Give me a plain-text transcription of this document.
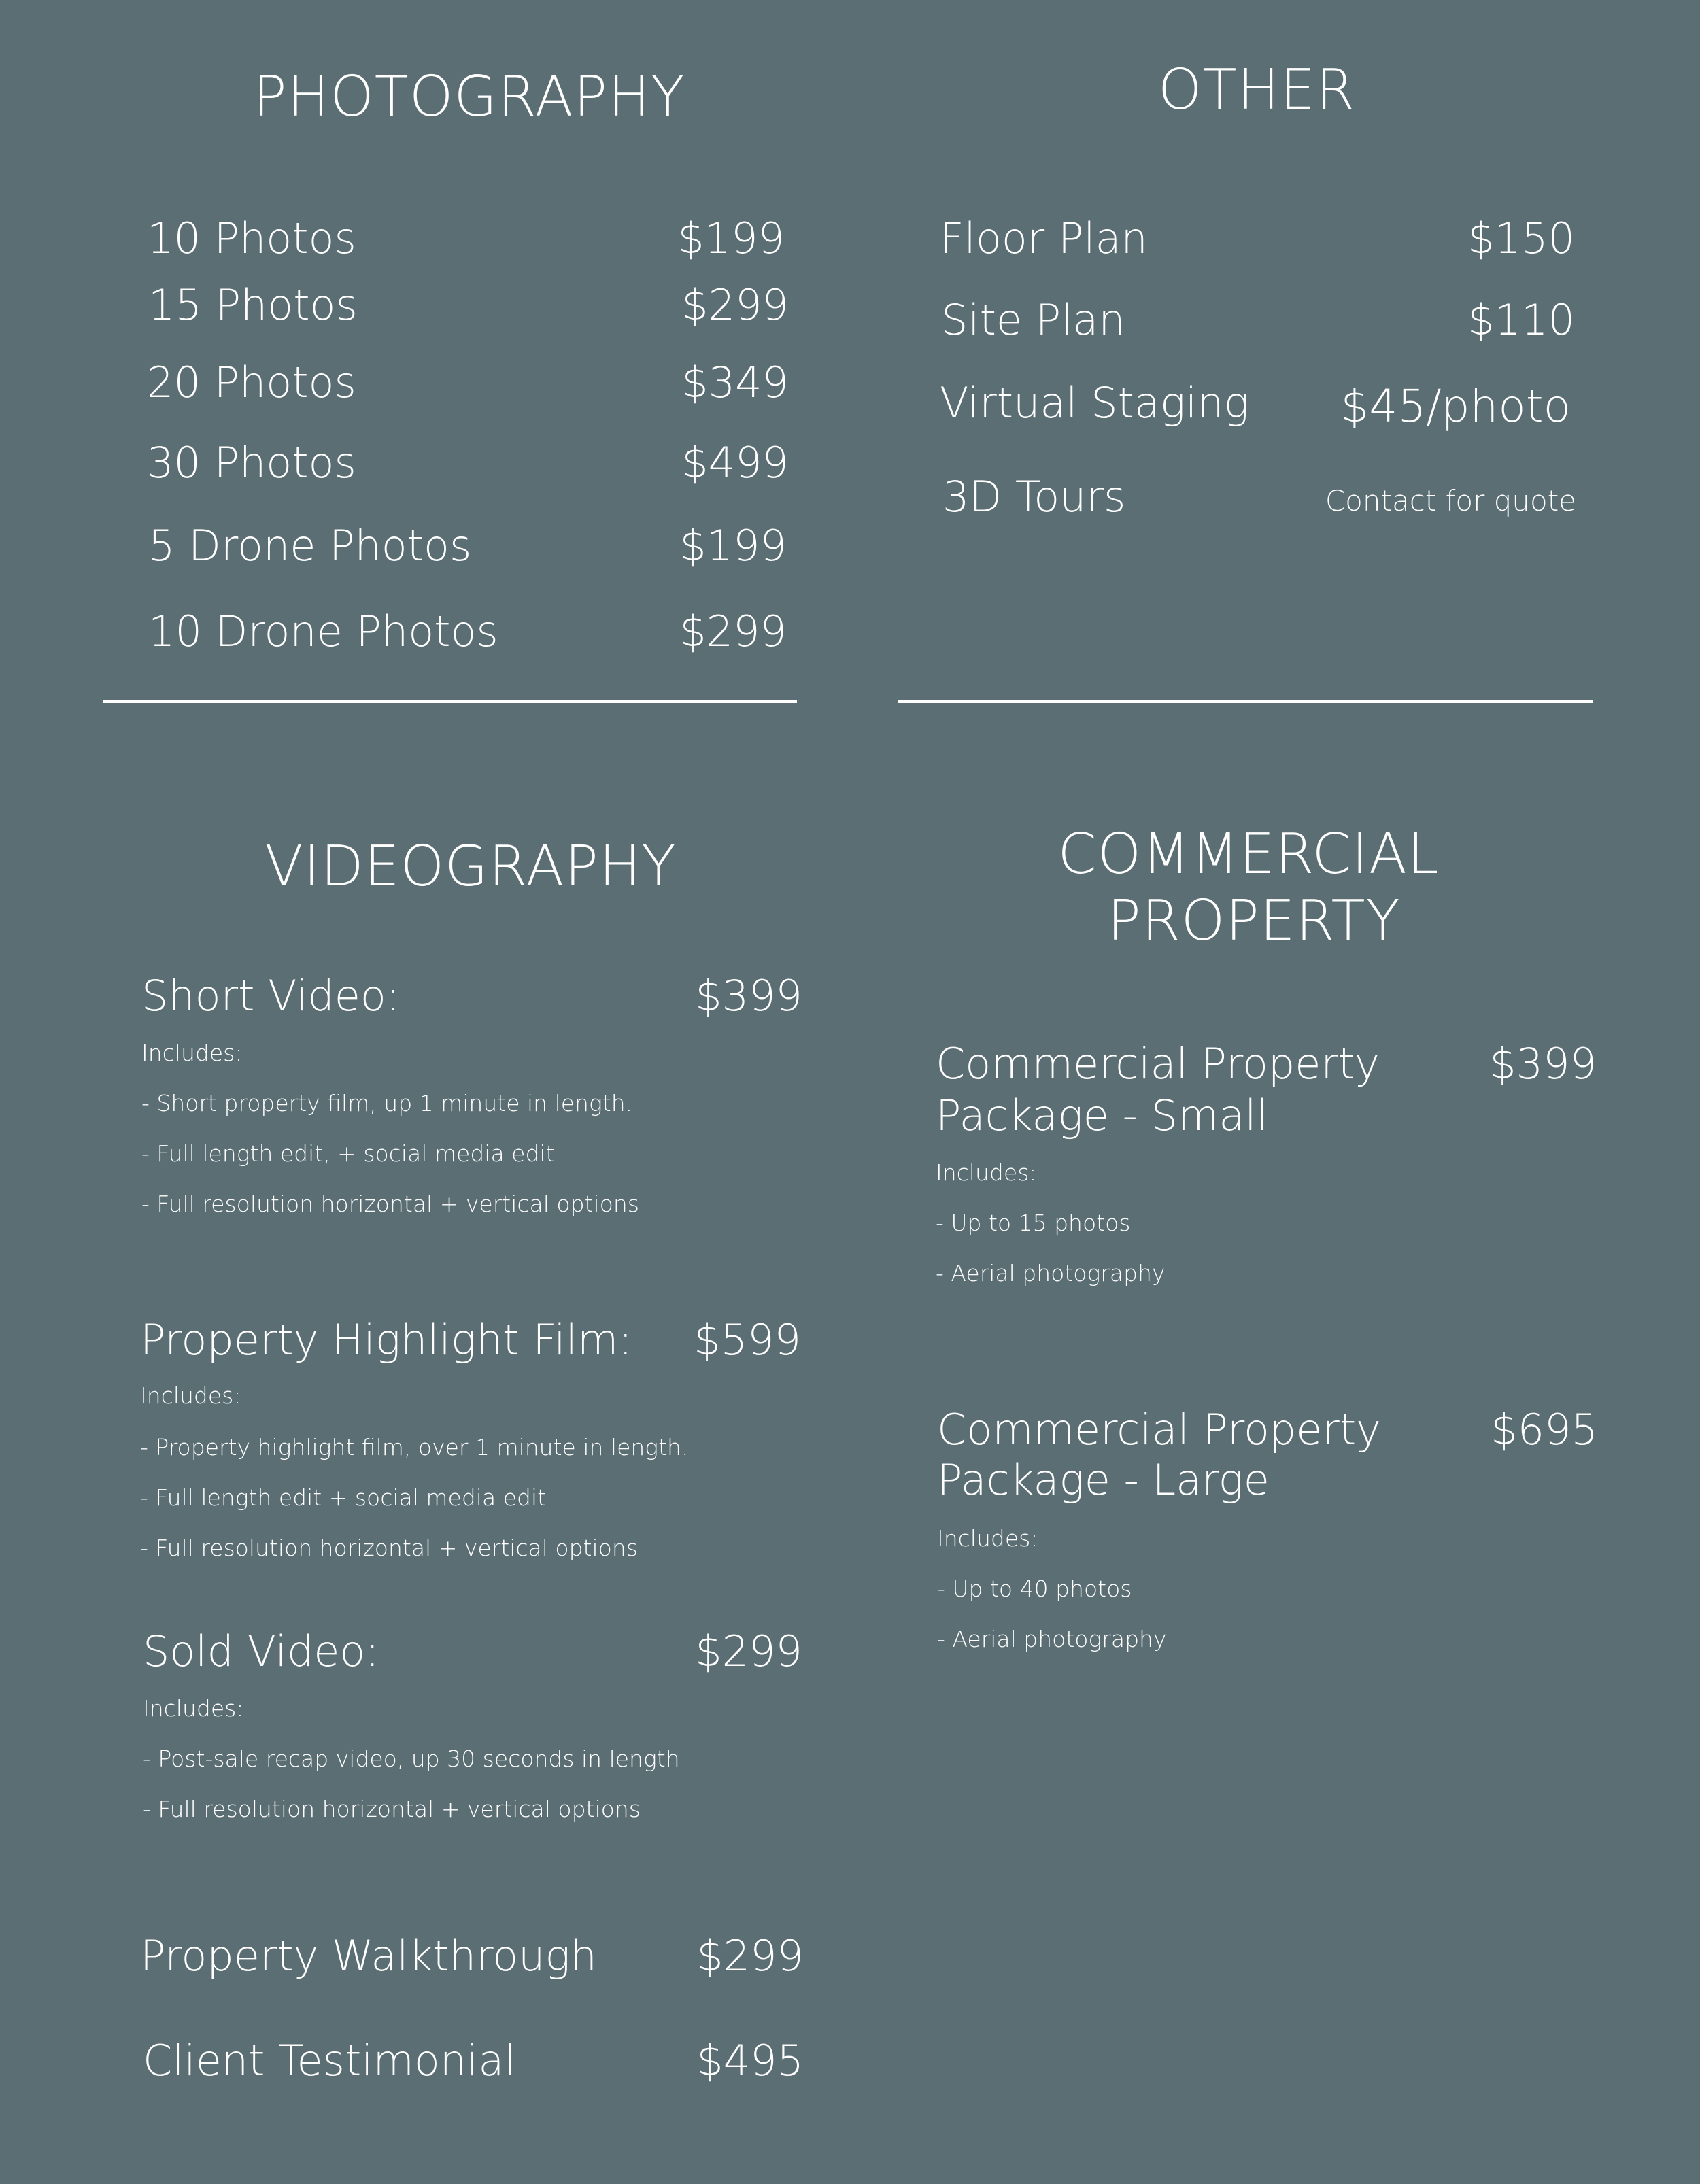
PHOTOGRAPHY
10 Photos	$199
15 Photos	$299
20 Photos	$349
30 Photos	$499
5 Drone Photos	$199
10 Drone Photos	$299
OTHER
Floor Plan	$150
Site Plan	$110
Virtual Staging $45/photo
3D Tours	Contact for quote
VIDEOGRAPHY
Short Video:	$399
Includes:
- Short property film, up 1 minute in length.
- Full length edit, + social media edit
- Full resolution horizontal + vertical options
Property Highlight Film: $599
Includes:
- Property highlight film, over 1 minute in length.
- Full length edit + social media edit
- Full resolution horizontal + vertical options
Sold Video:	$299
Includes:
- Post-sale recap video, up 30 seconds in length
- Full resolution horizontal + vertical options
Property Walkthrough $299
Client Testimonial	$495
COMMERCIAL
PROPERTY
Commercial Property
Package - Small
$399
Includes:
- Up to 15 photos
- Aerial photography
Commercial Property
Package - Large
$695
Includes:
- Up to 40 photos
- Aerial photography
